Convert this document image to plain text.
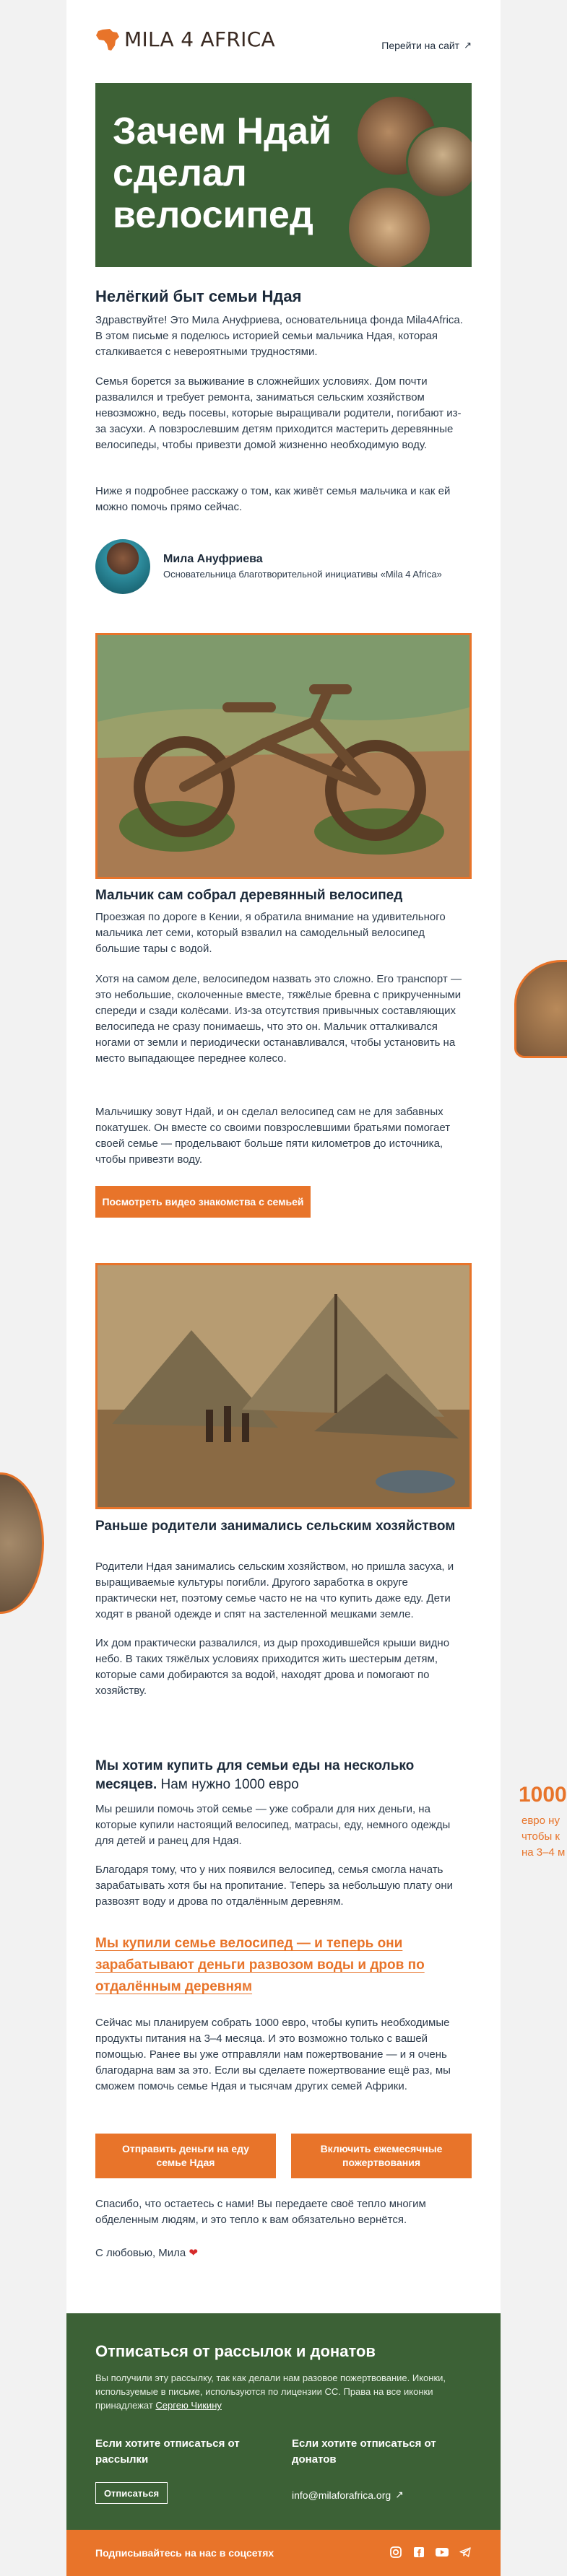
1000
евро ну
чтобы к
на 3–4 м
MILA 4 AFRICA	Перейти на сайт ↗
Зачем Ндай
сделал
велосипед
Нелёгкий быт семьи Ндая

Здравствуйте! Это Мила Ануфриева, основательница фонда Mila4Africa. В этом письме я поделюсь историей семьи мальчика Ндая, которая сталкивается с невероятными трудностями.

Семья борется за выживание в сложнейших условиях. Дом почти развалился и требует ремонта, заниматься сельским хозяйством невозможно, ведь посевы, которые выращивали родители, погибают из-за засухи. А повзрослевшим детям приходится мастерить деревянные велосипеды, чтобы привезти домой жизненно необходимую воду.

Ниже я подробнее расскажу о том, как живёт семья мальчика и как ей можно помочь прямо сейчас.

Мила Ануфриева
Основательница благотворительной инициативы «Mila 4 Africa»
Мальчик сам собрал деревянный велосипед

Проезжая по дороге в Кении, я обратила внимание на удивительного мальчика лет семи, который взвалил на самодельный велосипед большие тары с водой.

Хотя на самом деле, велосипедом назвать это сложно. Его транспорт — это небольшие, сколоченные вместе, тяжёлые бревна с прикрученными спереди и сзади колёсами. Из-за отсутствия привычных составляющих велосипеда не сразу понимаешь, что это он. Мальчик отталкивался ногами от земли и периодически останавливался, чтобы установить на место выпадающее переднее колесо.

Мальчишку зовут Ндай, и он сделал велосипед сам не для забавных покатушек. Он вместе со своими повзрослевшими братьями помогает своей семье — продельвают больше пяти километров до источника, чтобы привезти воду.

Посмотреть видео знакомства с семьей
Раньше родители занимались сельским хозяйством

Родители Ндая занимались сельским хозяйством, но пришла засуха, и выращиваемые культуры погибли. Другого заработка в округе практически нет, поэтому семье часто не на что купить даже еду. Дети ходят в рваной одежде и спят на застеленной мешками земле.

Их дом практически развалился, из дыр проходившейся крыши видно небо. В таких тяжёлых условиях приходится жить шестерым детям, которые сами добираются за водой, находят дрова и помогают по хозяйству.

Мы хотим купить для семьи еды на несколько месяцев. Нам нужно 1000 евро

Мы решили помочь этой семье — уже собрали для них деньги, на которые купили настоящий велосипед, матрасы, еду, немного одежды для детей и ранец для Ндая.

Благодаря тому, что у них появился велосипед, семья смогла начать зарабатывать хотя бы на пропитание. Теперь за небольшую плату они развозят воду и дрова по отдалённым деревням.

Мы купили семье велосипед — и теперь они зарабатывают деньги развозом воды и дров по отдалённым деревням

Сейчас мы планируем собрать 1000 евро, чтобы купить необходимые продукты питания на 3–4 месяца. И это возможно только с вашей помощью. Ранее вы уже отправляли нам пожертвование — и я очень благодарна вам за это. Если вы сделаете пожертвование ещё раз, мы сможем помочь семье Ндая и тысячам других семей Африки.

Отправить деньги на еду семье Ндая
Включить ежемесячные пожертвования

Спасибо, что остаетесь с нами! Вы передаете своё тепло многим обделенным людям, и это тепло к вам обязательно вернётся.

С любовью, Мила ❤
Отписаться от рассылок и донатов
Вы получили эту рассылку, так как делали нам разовое пожертвование. Иконки, используемые в письме, используются по лицензии СС. Права на все иконки принадлежат Сергею Чикину
Если хотите отписаться от рассылки
Если хотите отписаться от донатов
Отписаться	info@milaforafrica.org ↗
Подписывайтесь на нас в соцсетях
